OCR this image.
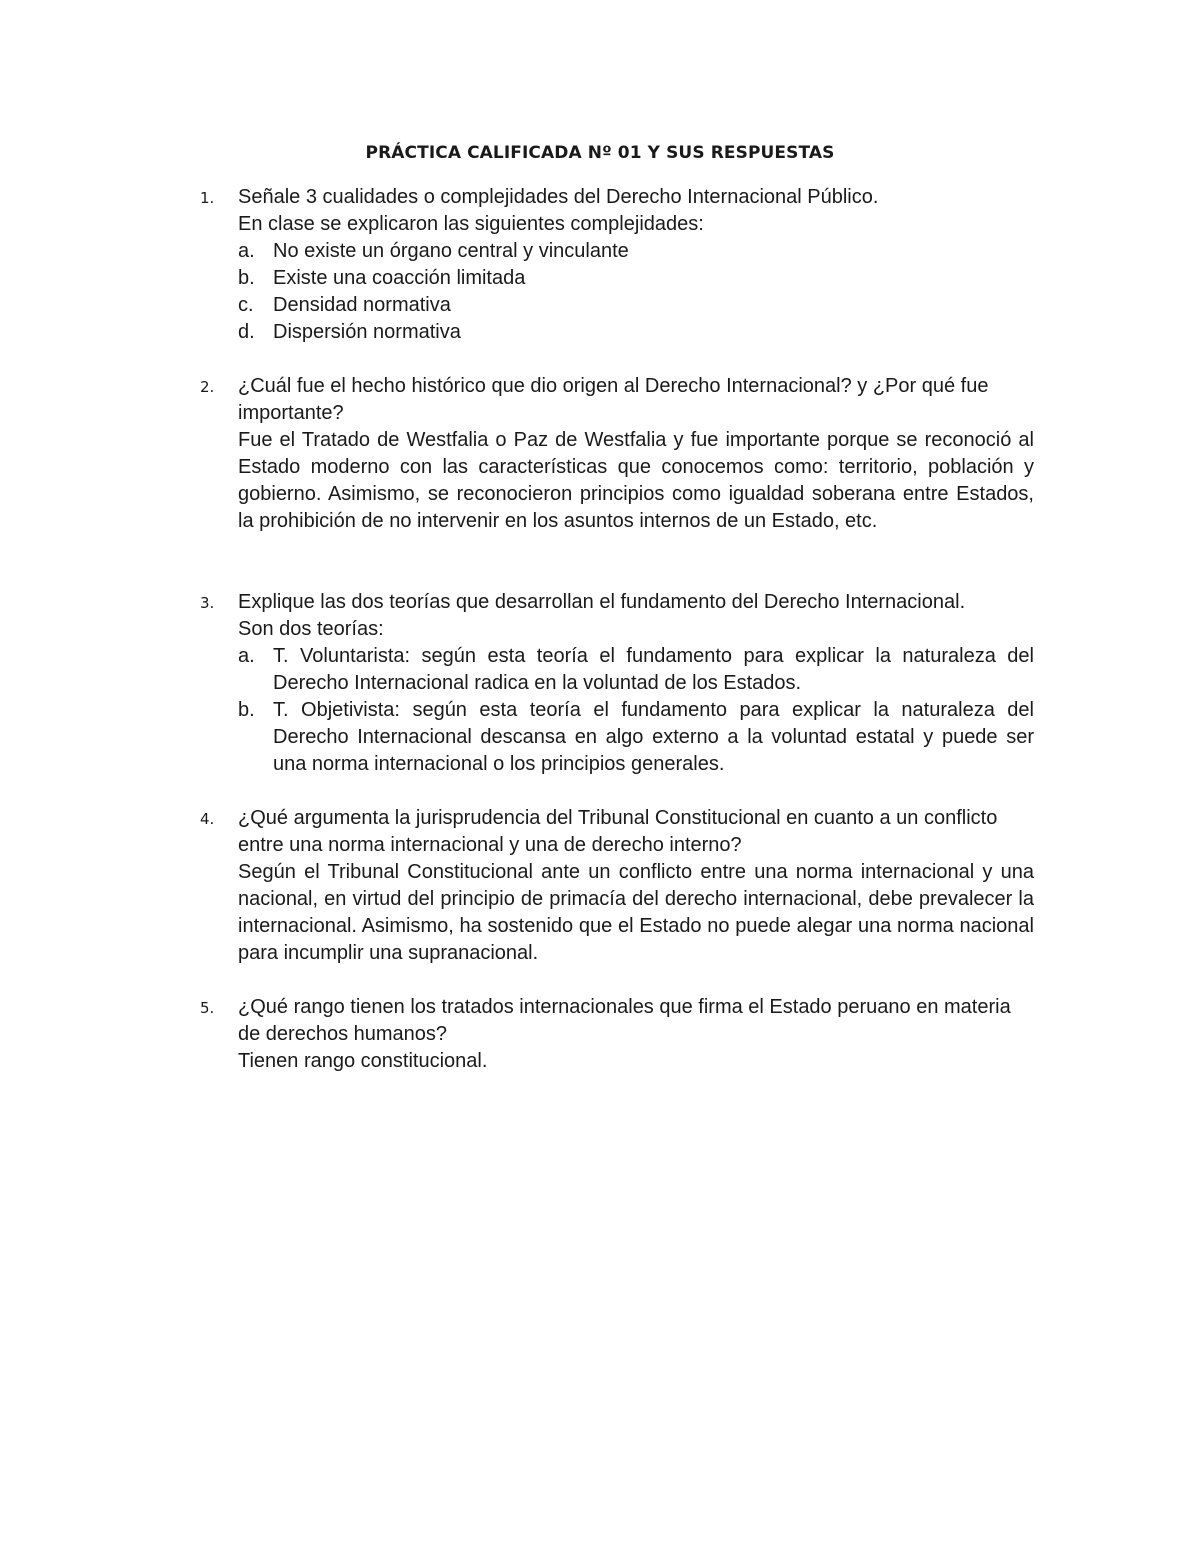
PRÁCTICA CALIFICADA Nº 01 Y SUS RESPUESTAS
1. Señale 3 cualidades o complejidades del Derecho Internacional Público.
En clase se explicaron las siguientes complejidades:
a. No existe un órgano central y vinculante
b. Existe una coacción limitada
c. Densidad normativa
d. Dispersión normativa
2. ¿Cuál fue el hecho histórico que dio origen al Derecho Internacional? y ¿Por qué fue importante?
Fue el Tratado de Westfalia o Paz de Westfalia y fue importante porque se reconoció al Estado moderno con las características que conocemos como: territorio, población y gobierno. Asimismo, se reconocieron principios como igualdad soberana entre Estados, la prohibición de no intervenir en los asuntos internos de un Estado, etc.
3. Explique las dos teorías que desarrollan el fundamento del Derecho Internacional.
Son dos teorías:
a. T. Voluntarista: según esta teoría el fundamento para explicar la naturaleza del Derecho Internacional radica en la voluntad de los Estados.
b. T. Objetivista: según esta teoría el fundamento para explicar la naturaleza del Derecho Internacional descansa en algo externo a la voluntad estatal y puede ser una norma internacional o los principios generales.
4. ¿Qué argumenta la jurisprudencia del Tribunal Constitucional en cuanto a un conflicto entre una norma internacional y una de derecho interno?
Según el Tribunal Constitucional ante un conflicto entre una norma internacional y una nacional, en virtud del principio de primacía del derecho internacional, debe prevalecer la internacional. Asimismo, ha sostenido que el Estado no puede alegar una norma nacional para incumplir una supranacional.
5. ¿Qué rango tienen los tratados internacionales que firma el Estado peruano en materia de derechos humanos?
Tienen rango constitucional.
